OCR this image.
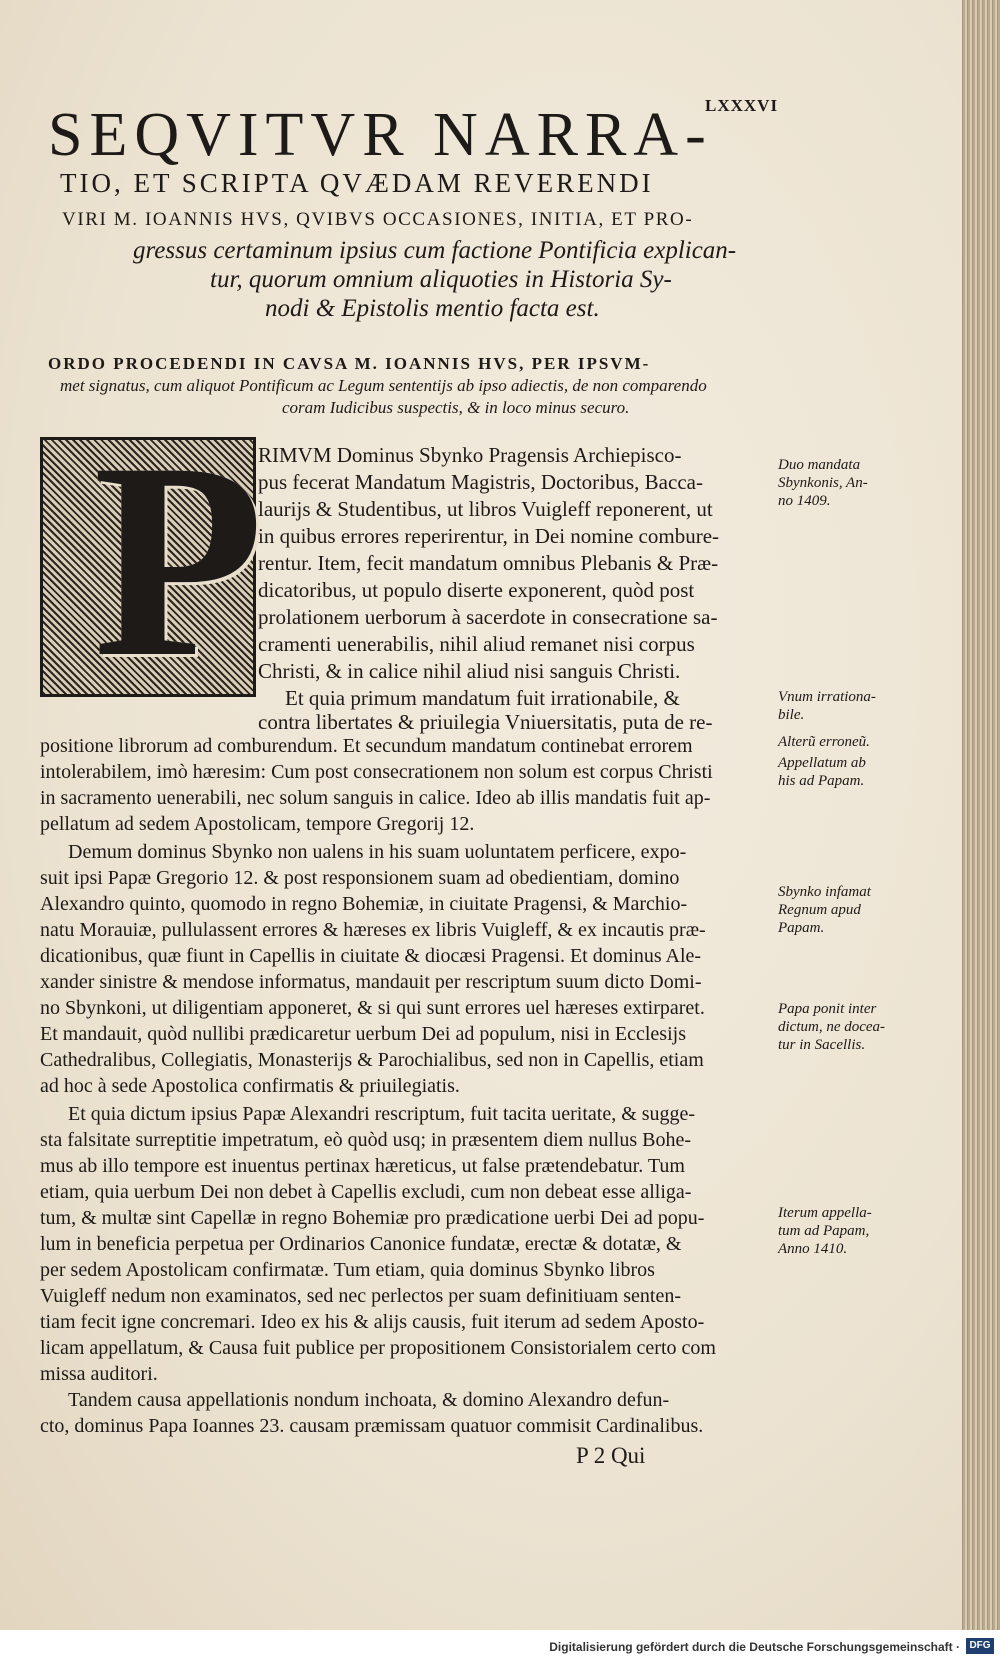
LXXXVI
SEQVITVR NARRA-
TIO, ET SCRIPTA QVÆDAM REVERENDI
VIRI M. IOANNIS HVS, QVIBVS OCCASIONES, INITIA, ET PRO-
gressus certaminum ipsius cum factione Pontificia explican-
tur, quorum omnium aliquoties in Historia Sy-
nodi & Epistolis mentio facta est.
ORDO PROCEDENDI IN CAVSA M. IOANNIS HVS, PER IPSVM-
met signatus, cum aliquot Pontificum ac Legum sententijs ab ipso adiectis, de non comparendo
coram Iudicibus suspectis, & in loco minus securo.
P
RIMVM Dominus Sbynko Pragensis Archiepisco-
pus fecerat Mandatum Magistris, Doctoribus, Bacca-
laurijs & Studentibus, ut libros Vuigleff reponerent, ut
in quibus errores reperirentur, in Dei nomine combure-
rentur. Item, fecit mandatum omnibus Plebanis & Præ-
dicatoribus, ut populo diserte exponerent, quòd post
prolationem uerborum à sacerdote in consecratione sa-
cramenti uenerabilis, nihil aliud remanet nisi corpus
Christi, & in calice nihil aliud nisi sanguis Christi.
Et quia primum mandatum fuit irrationabile, &
contra libertates & priuilegia Vniuersitatis, puta de re-
positione librorum ad comburendum. Et secundum mandatum continebat errorem
intolerabilem, imò hæresim: Cum post consecrationem non solum est corpus Christi
in sacramento uenerabili, nec solum sanguis in calice. Ideo ab illis mandatis fuit ap-
pellatum ad sedem Apostolicam, tempore Gregorij 12.
Demum dominus Sbynko non ualens in his suam uoluntatem perficere, expo-
suit ipsi Papæ Gregorio 12. & post responsionem suam ad obedientiam, domino
Alexandro quinto, quomodo in regno Bohemiæ, in ciuitate Pragensi, & Marchio-
natu Morauiæ, pullulassent errores & hæreses ex libris Vuigleff, & ex incautis præ-
dicationibus, quæ fiunt in Capellis in ciuitate & diocæsi Pragensi. Et dominus Ale-
xander sinistre & mendose informatus, mandauit per rescriptum suum dicto Domi-
no Sbynkoni, ut diligentiam apponeret, & si qui sunt errores uel hæreses extirparet.
Et mandauit, quòd nullibi prædicaretur uerbum Dei ad populum, nisi in Ecclesijs
Cathedralibus, Collegiatis, Monasterijs & Parochialibus, sed non in Capellis, etiam
ad hoc à sede Apostolica confirmatis & priuilegiatis.
Et quia dictum ipsius Papæ Alexandri rescriptum, fuit tacita ueritate, & sugge-
sta falsitate surreptitie impetratum, eò quòd usq; in præsentem diem nullus Bohe-
mus ab illo tempore est inuentus pertinax hæreticus, ut false prætendebatur. Tum
etiam, quia uerbum Dei non debet à Capellis excludi, cum non debeat esse alliga-
tum, & multæ sint Capellæ in regno Bohemiæ pro prædicatione uerbi Dei ad popu-
lum in beneficia perpetua per Ordinarios Canonice fundatæ, erectæ & dotatæ, &
per sedem Apostolicam confirmatæ. Tum etiam, quia dominus Sbynko libros
Vuigleff nedum non examinatos, sed nec perlectos per suam definitiuam senten-
tiam fecit igne concremari. Ideo ex his & alijs causis, fuit iterum ad sedem Aposto-
licam appellatum, & Causa fuit publice per propositionem Consistorialem certo com
missa auditori.
Tandem causa appellationis nondum inchoata, & domino Alexandro defun-
cto, dominus Papa Ioannes 23. causam præmissam quatuor commisit Cardinalibus.
P 2 Qui
Duo mandata
Sbynkonis, An-
no 1409.
Vnum irrationa-
bile.
Alterũ erroneũ.
Appellatum ab
his ad Papam.
Sbynko infamat
Regnum apud
Papam.
Papa ponit inter
dictum, ne docea-
tur in Sacellis.
Iterum appella-
tum ad Papam,
Anno 1410.
Digitalisierung gefördert durch die Deutsche Forschungsgemeinschaft · DFG
